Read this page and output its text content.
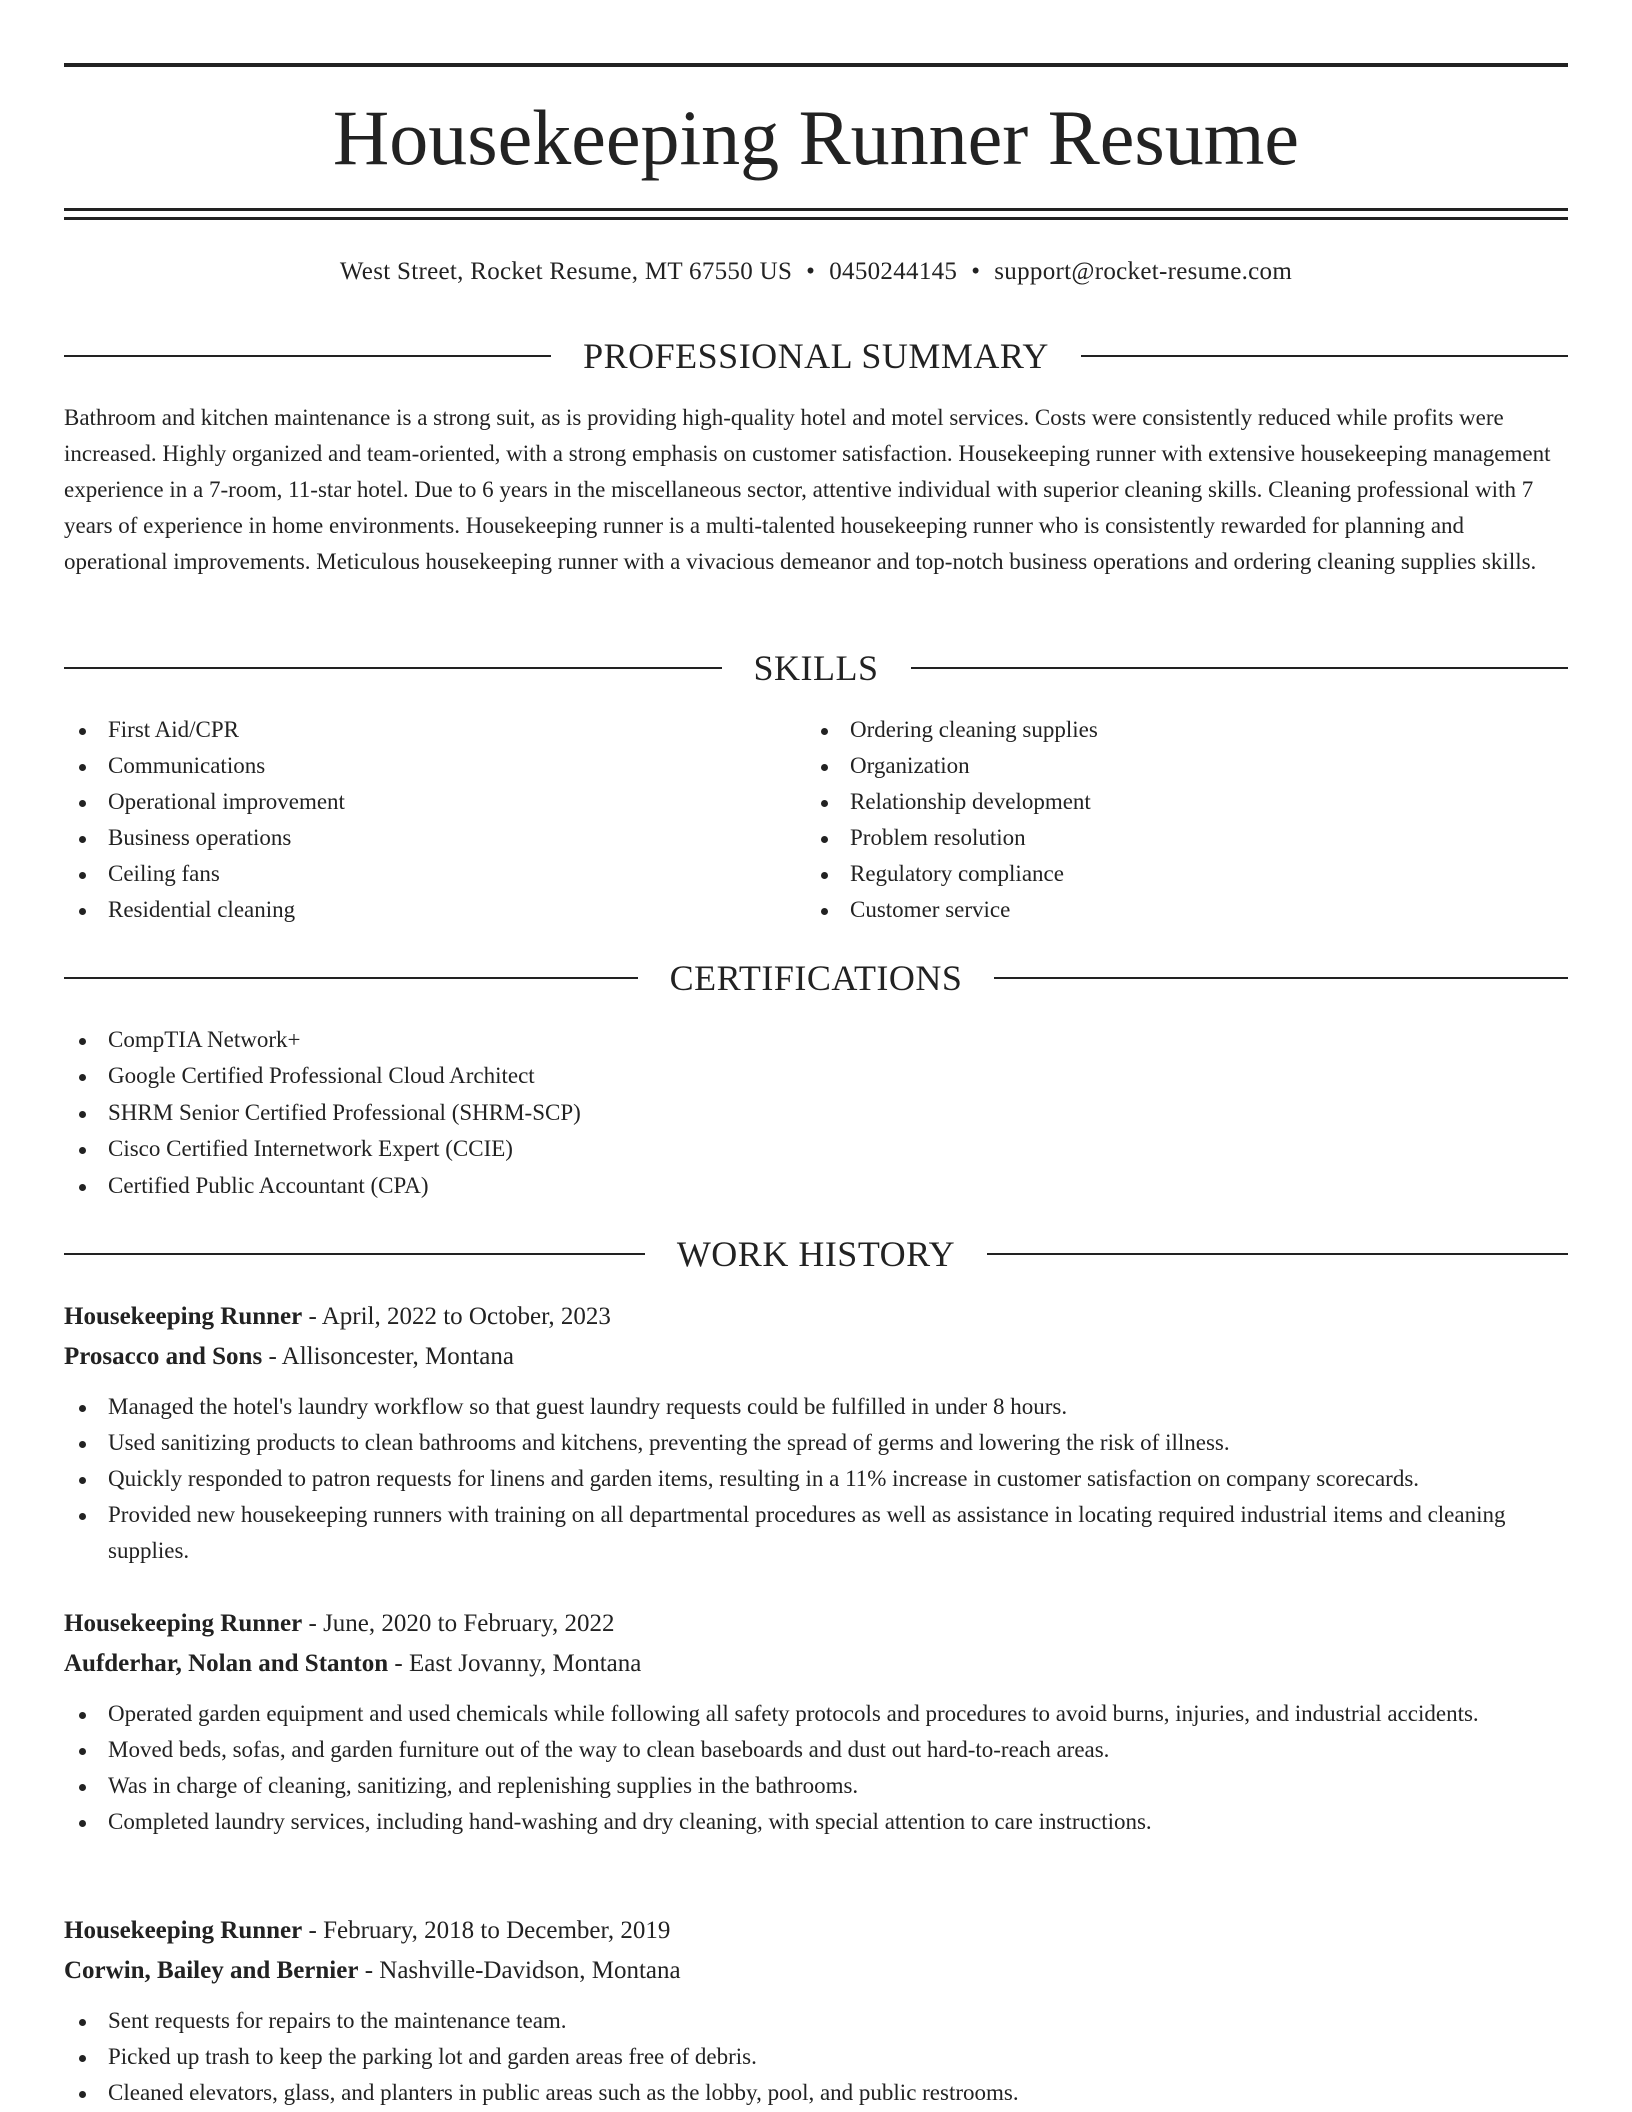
Housekeeping Runner Resume
West Street, Rocket Resume, MT 67550 US • 0450244145 • support@rocket-resume.com
PROFESSIONAL SUMMARY

Bathroom and kitchen maintenance is a strong suit, as is providing high-quality hotel and motel services. Costs were consistently reduced while profits were increased. Highly organized and team-oriented, with a strong emphasis on customer satisfaction. Housekeeping runner with extensive housekeeping management experience in a 7-room, 11-star hotel. Due to 6 years in the miscellaneous sector, attentive individual with superior cleaning skills. Cleaning professional with 7 years of experience in home environments. Housekeeping runner is a multi-talented housekeeping runner who is consistently rewarded for planning and operational improvements. Meticulous housekeeping runner with a vivacious demeanor and top-notch business operations and ordering cleaning supplies skills.

SKILLS
First Aid/CPR
Communications
Operational improvement
Business operations
Ceiling fans
Residential cleaning
Ordering cleaning supplies
Organization
Relationship development
Problem resolution
Regulatory compliance
Customer service
CERTIFICATIONS
CompTIA Network+
Google Certified Professional Cloud Architect
SHRM Senior Certified Professional (SHRM-SCP)
Cisco Certified Internetwork Expert (CCIE)
Certified Public Accountant (CPA)
WORK HISTORY
Housekeeping Runner - April, 2022 to October, 2023
Prosacco and Sons - Allisoncester, Montana
Managed the hotel's laundry workflow so that guest laundry requests could be fulfilled in under 8 hours.
Used sanitizing products to clean bathrooms and kitchens, preventing the spread of germs and lowering the risk of illness.
Quickly responded to patron requests for linens and garden items, resulting in a 11% increase in customer satisfaction on company scorecards.
Provided new housekeeping runners with training on all departmental procedures as well as assistance in locating required industrial items and cleaning supplies.
Housekeeping Runner - June, 2020 to February, 2022
Aufderhar, Nolan and Stanton - East Jovanny, Montana
Operated garden equipment and used chemicals while following all safety protocols and procedures to avoid burns, injuries, and industrial accidents.
Moved beds, sofas, and garden furniture out of the way to clean baseboards and dust out hard-to-reach areas.
Was in charge of cleaning, sanitizing, and replenishing supplies in the bathrooms.
Completed laundry services, including hand-washing and dry cleaning, with special attention to care instructions.
Housekeeping Runner - February, 2018 to December, 2019
Corwin, Bailey and Bernier - Nashville-Davidson, Montana
Sent requests for repairs to the maintenance team.
Picked up trash to keep the parking lot and garden areas free of debris.
Cleaned elevators, glass, and planters in public areas such as the lobby, pool, and public restrooms.
